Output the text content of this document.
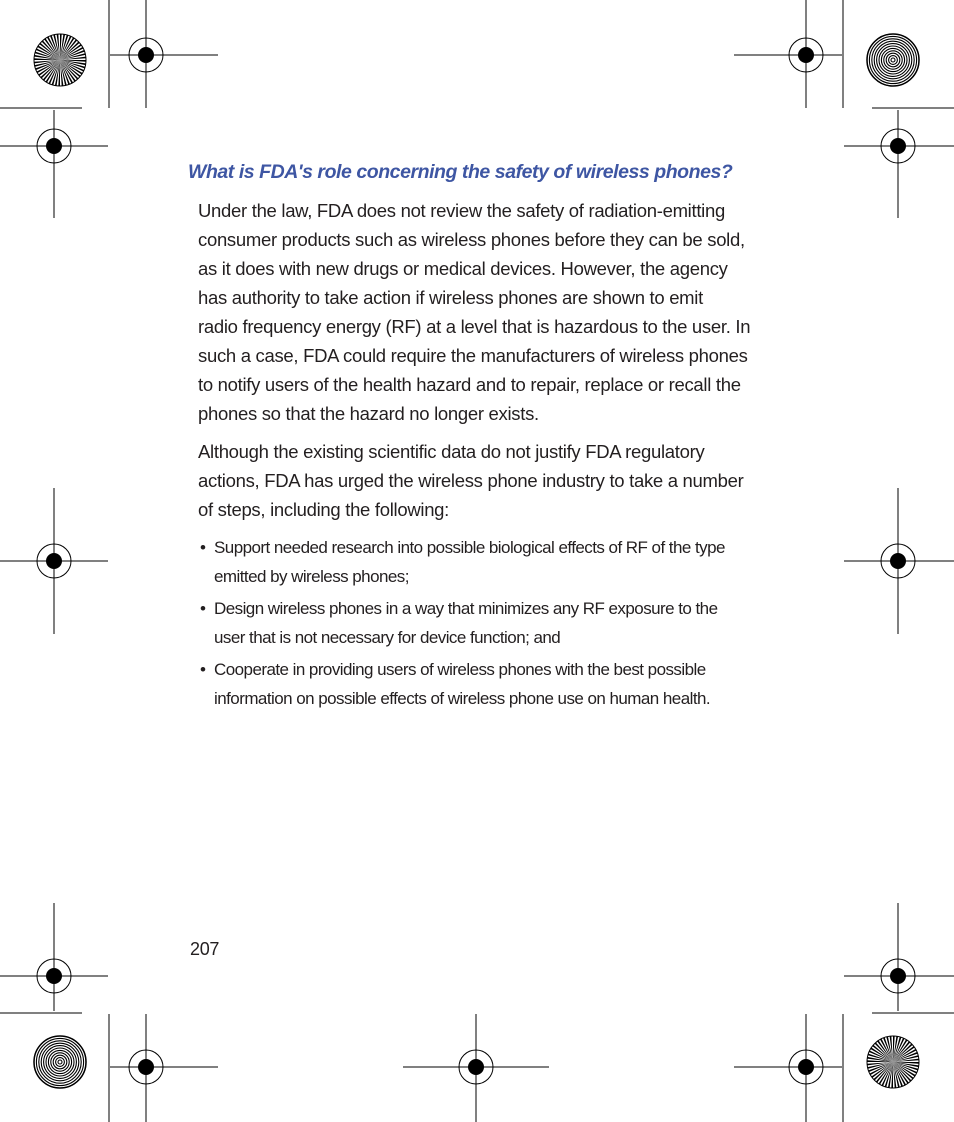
What is FDA's role concerning the safety of wireless phones?

Under the law, FDA does not review the safety of radiation-emitting
consumer products such as wireless phones before they can be sold,
as it does with new drugs or medical devices. However, the agency
has authority to take action if wireless phones are shown to emit
radio frequency energy (RF) at a level that is hazardous to the user. In
such a case, FDA could require the manufacturers of wireless phones
to notify users of the health hazard and to repair, replace or recall the
phones so that the hazard no longer exists.

Although the existing scientific data do not justify FDA regulatory
actions, FDA has urged the wireless phone industry to take a number
of steps, including the following:

• Support needed research into possible biological effects of RF of the type
emitted by wireless phones;
• Design wireless phones in a way that minimizes any RF exposure to the
user that is not necessary for device function; and
• Cooperate in providing users of wireless phones with the best possible
information on possible effects of wireless phone use on human health.
207
